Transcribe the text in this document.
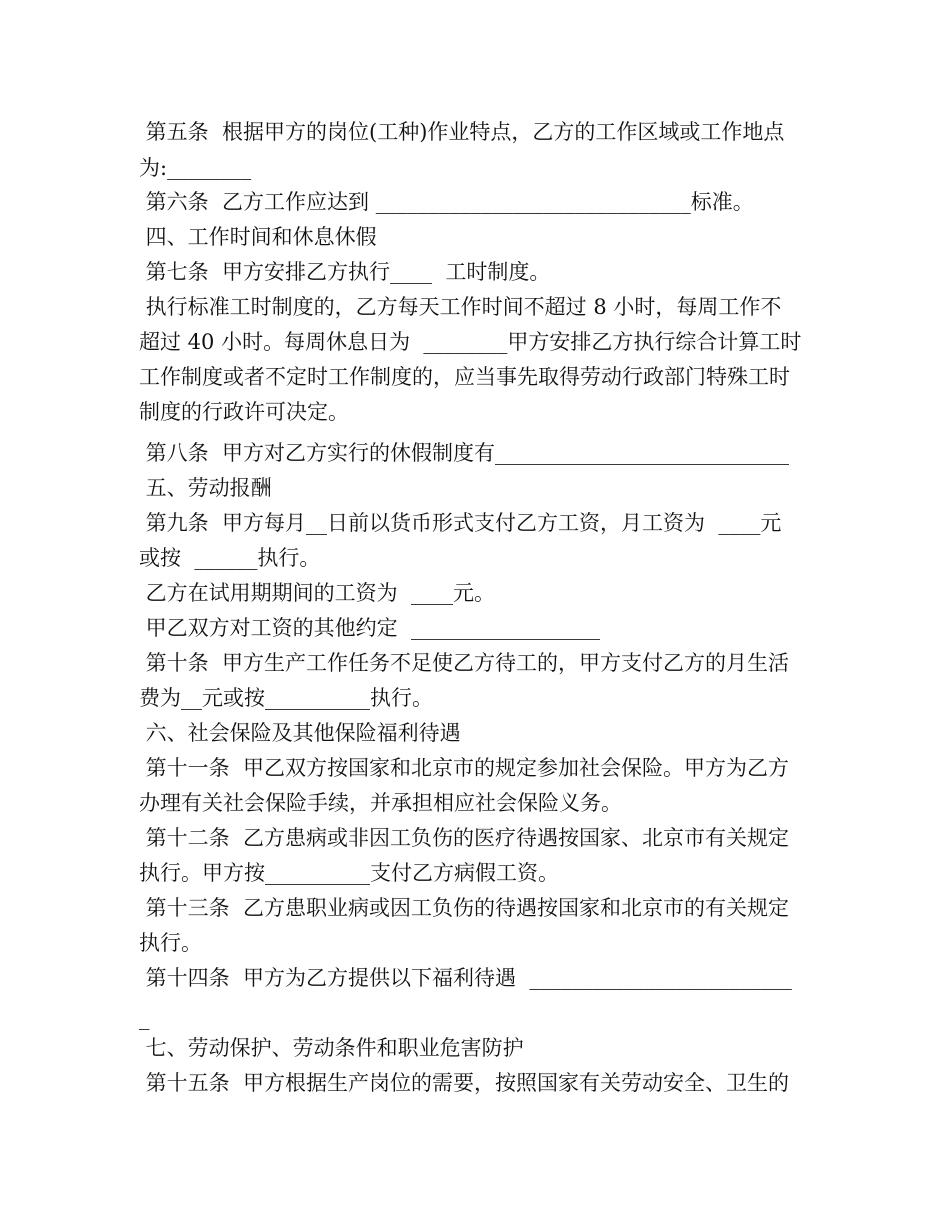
第五条  根据甲方的岗位(工种)作业特点，乙方的工作区域或工作地点

为:________

第六条  乙方工作应达到 ______________________________标准。

四、工作时间和休息休假

第七条  甲方安排乙方执行____  工时制度。

执行标准工时制度的，乙方每天工作时间不超过 8 小时，每周工作不

超过 40 小时。每周休息日为  ________甲方安排乙方执行综合计算工时

工作制度或者不定时工作制度的，应当事先取得劳动行政部门特殊工时

制度的行政许可决定。

第八条  甲方对乙方实行的休假制度有____________________________

五、劳动报酬

第九条  甲方每月__日前以货币形式支付乙方工资，月工资为  ____元

或按  ______执行。

乙方在试用期期间的工资为  ____元。

甲乙双方对工资的其他约定  __________________

第十条  甲方生产工作任务不足使乙方待工的，甲方支付乙方的月生活

费为__元或按__________执行。

六、社会保险及其他保险福利待遇

第十一条  甲乙双方按国家和北京市的规定参加社会保险。甲方为乙方

办理有关社会保险手续，并承担相应社会保险义务。

第十二条  乙方患病或非因工负伤的医疗待遇按国家、北京市有关规定

执行。甲方按__________支付乙方病假工资。

第十三条  乙方患职业病或因工负伤的待遇按国家和北京市的有关规定

执行。

第十四条  甲方为乙方提供以下福利待遇  _________________________

_

七、劳动保护、劳动条件和职业危害防护

第十五条  甲方根据生产岗位的需要，按照国家有关劳动安全、卫生的
